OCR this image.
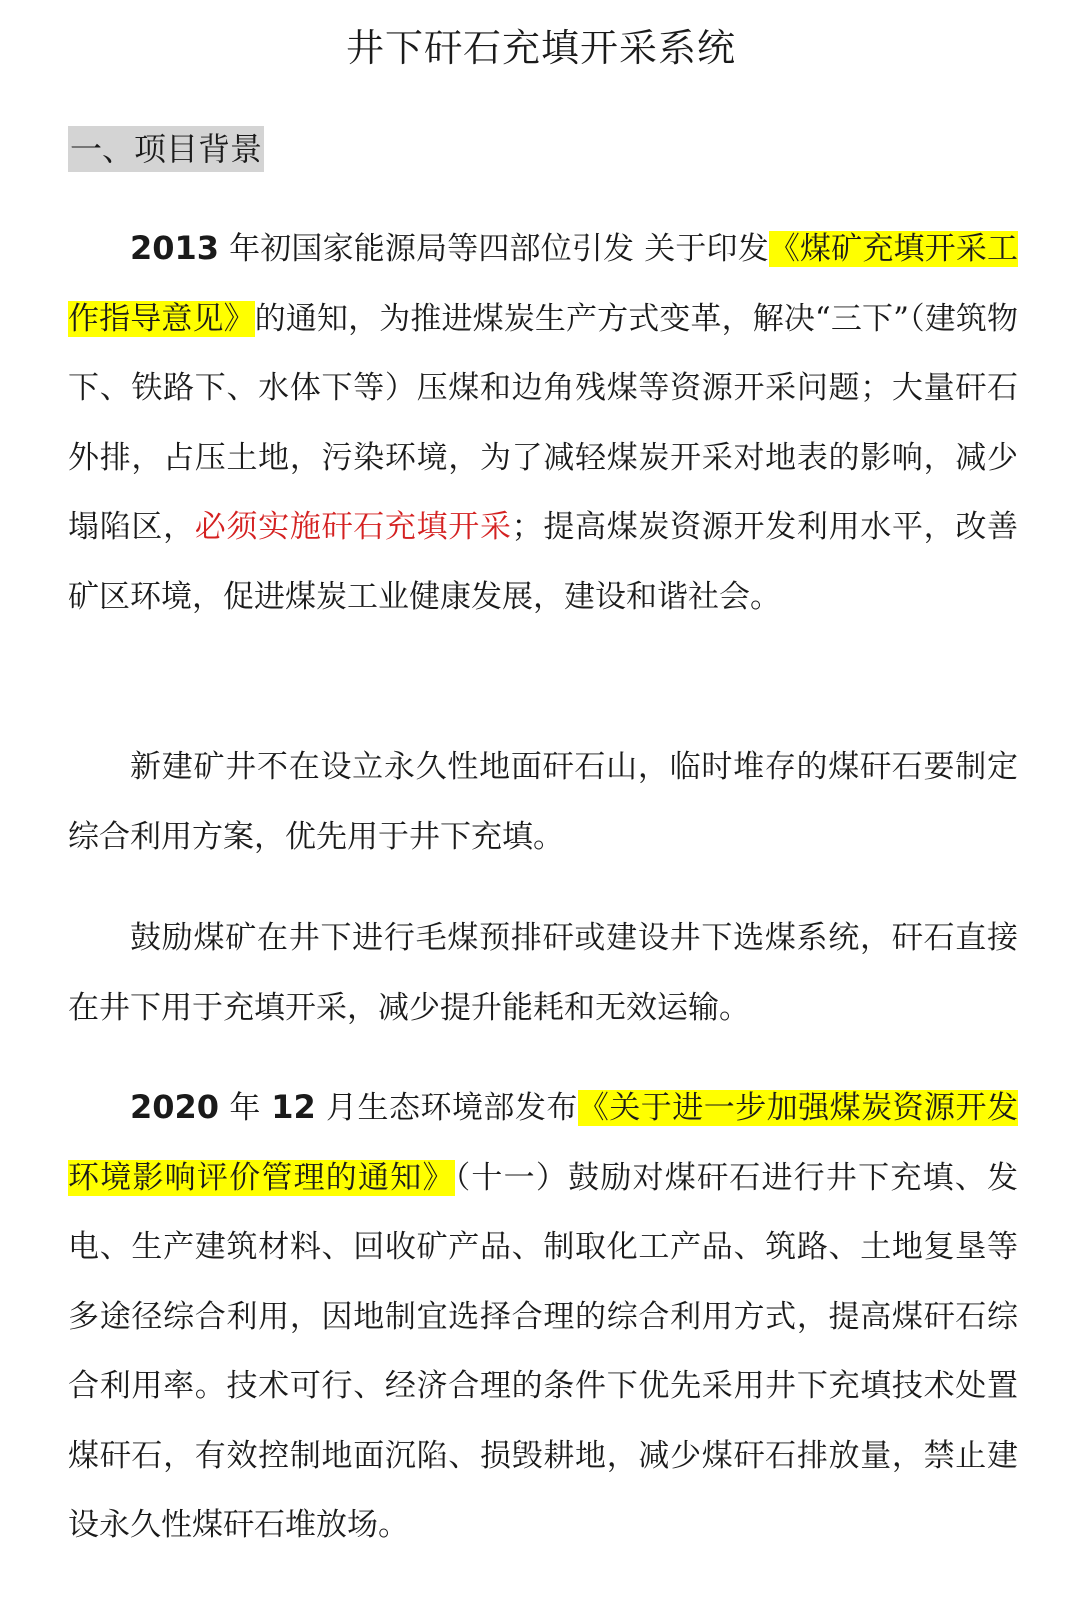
井下矸石充填开采系统
一、项目背景

2013 年初国家能源局等四部位引发 关于印发《煤矿充填开采工作指导意见》的通知，为推进煤炭生产方式变革，解决“三下”（建筑物下、铁路下、水体下等）压煤和边角残煤等资源开采问题；大量矸石外排，占压土地，污染环境，为了减轻煤炭开采对地表的影响，减少塌陷区，必须实施矸石充填开采；提高煤炭资源开发利用水平，改善矿区环境，促进煤炭工业健康发展，建设和谐社会。

新建矿井不在设立永久性地面矸石山，临时堆存的煤矸石要制定综合利用方案，优先用于井下充填。

鼓励煤矿在井下进行毛煤预排矸或建设井下选煤系统，矸石直接在井下用于充填开采，减少提升能耗和无效运输。

2020 年 12 月生态环境部发布《关于进一步加强煤炭资源开发环境影响评价管理的通知》（十一）鼓励对煤矸石进行井下充填、发电、生产建筑材料、回收矿产品、制取化工产品、筑路、土地复垦等多途径综合利用，因地制宜选择合理的综合利用方式，提高煤矸石综合利用率。技术可行、经济合理的条件下优先采用井下充填技术处置煤矸石，有效控制地面沉陷、损毁耕地，减少煤矸石排放量，禁止建设永久性煤矸石堆放场。
